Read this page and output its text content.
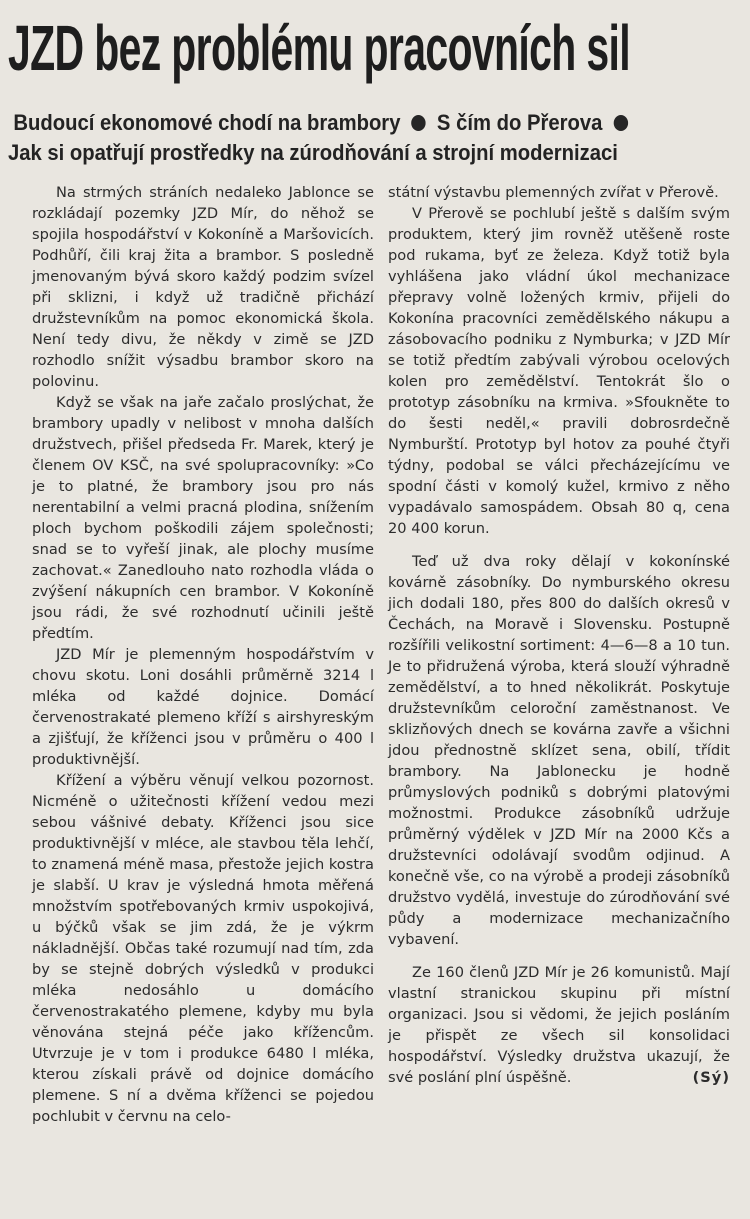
JZD bez problému pracovních sil
Budoucí ekonomové chodí na brambory S čím do Přerova
Jak si opatřují prostředky na zúrodňování a strojní modernizaci

Na strmých stráních nedaleko Jablonce se rozkládají pozemky JZD Mír, do něhož se spojila hospodářství v Kokoníně a Maršovicích. Podhůří, čili kraj žita a brambor. S posledně jmenovaným bývá skoro každý podzim svízel při sklizni, i když už tradičně přichází družstevníkům na pomoc ekonomická škola. Není tedy divu, že někdy v zimě se JZD rozhodlo snížit výsadbu brambor skoro na polovinu.

Když se však na jaře začalo proslýchat, že brambory upadly v nelibost v mnoha dalších družstvech, přišel předseda Fr. Marek, který je členem OV KSČ, na své spolupracovníky: »Co je to platné, že brambory jsou pro nás nerentabilní a velmi pracná plodina, snížením ploch bychom poškodili zájem společnosti; snad se to vyřeší jinak, ale plochy musíme zachovat.« Zanedlouho nato rozhodla vláda o zvýšení nákupních cen brambor. V Kokoníně jsou rádi, že své rozhodnutí učinili ještě předtím.

JZD Mír je plemenným hospodářstvím v chovu skotu. Loni dosáhli průměrně 3214 l mléka od každé dojnice. Domácí červenostrakaté plemeno kříží s airshyreským a zjišťují, že kříženci jsou v průměru o 400 l produktivnější.

Křížení a výběru věnují velkou pozornost. Nicméně o užitečnosti křížení vedou mezi sebou vášnivé debaty. Kříženci jsou sice produktivnější v mléce, ale stavbou těla lehčí, to znamená méně masa, přestože jejich kostra je slabší. U krav je výsledná hmota měřená množstvím spotřebovaných krmiv uspokojivá, u býčků však se jim zdá, že je výkrm nákladnější. Občas také rozumují nad tím, zda by se stejně dobrých výsledků v produkci mléka nedosáhlo u domácího červenostrakatého plemene, kdyby mu byla věnována stejná péče jako křížencům. Utvrzuje je v tom i produkce 6480 l mléka, kterou získali právě od dojnice domácího plemene. S ní a dvěma kříženci se pojedou pochlubit v červnu na celo-

státní výstavbu plemenných zvířat v Přerově.

V Přerově se pochlubí ještě s dalším svým produktem, který jim rovněž utěšeně roste pod rukama, byť ze železa. Když totiž byla vyhlášena jako vládní úkol mechanizace přepravy volně ložených krmiv, přijeli do Kokonína pracovníci zemědělského nákupu a zásobovacího podniku z Nymburka; v JZD Mír se totiž předtím zabývali výrobou ocelových kolen pro zemědělství. Tentokrát šlo o prototyp zásobníku na krmiva. »Sfoukněte to do šesti neděl,« pravili dobrosrdečně Nymburští. Prototyp byl hotov za pouhé čtyři týdny, podobal se válci přecházejícímu ve spodní části v komolý kužel, krmivo z něho vypadávalo samospádem. Obsah 80 q, cena 20 400 korun.

Teď už dva roky dělají v kokonínské kovárně zásobníky. Do nymburského okresu jich dodali 180, přes 800 do dalších okresů v Čechách, na Moravě i Slovensku. Postupně rozšířili velikostní sortiment: 4—6—8 a 10 tun. Je to přidružená výroba, která slouží výhradně zemědělství, a to hned několikrát. Poskytuje družstevníkům celoroční zaměstnanost. Ve sklizňových dnech se kovárna zavře a všichni jdou přednostně sklízet sena, obilí, třídit brambory. Na Jablonecku je hodně průmyslových podniků s dobrými platovými možnostmi. Produkce zásobníků udržuje průměrný výdělek v JZD Mír na 2000 Kčs a družstevníci odolávají svodům odjinud. A konečně vše, co na výrobě a prodeji zásobníků družstvo vydělá, investuje do zúrodňování své půdy a modernizace mechanizačního vybavení.

Ze 160 členů JZD Mír je 26 komunistů. Mají vlastní stranickou skupinu při místní organizaci. Jsou si vědomi, že jejich posláním je přispět ze všech sil konsolidaci hospodářství. Výsledky družstva ukazují, že své poslání plní úspěšně.	(Sý)
